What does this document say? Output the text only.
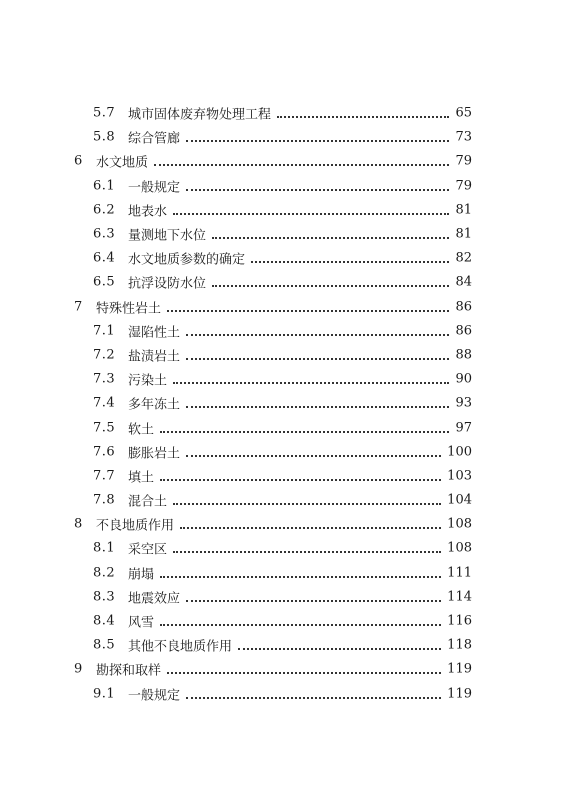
5.7 城市固体废弃物处理工程	65
5.8 综合管廊	73
6 水文地质	79
6.1 一般规定	79
6.2 地表水	81
6.3 量测地下水位	81
6.4 水文地质参数的确定	82
6.5 抗浮设防水位	84
7 特殊性岩土	86
7.1 湿陷性土	86
7.2 盐渍岩土	88
7.3 污染土	90
7.4 多年冻土	93
7.5 软土	97
7.6 膨胀岩土	100
7.7 填土	103
7.8 混合土	104
8 不良地质作用	108
8.1 采空区	108
8.2 崩塌	111
8.3 地震效应	114
8.4 风雪	116
8.5 其他不良地质作用	118
9 勘探和取样	119
9.1 一般规定	119
